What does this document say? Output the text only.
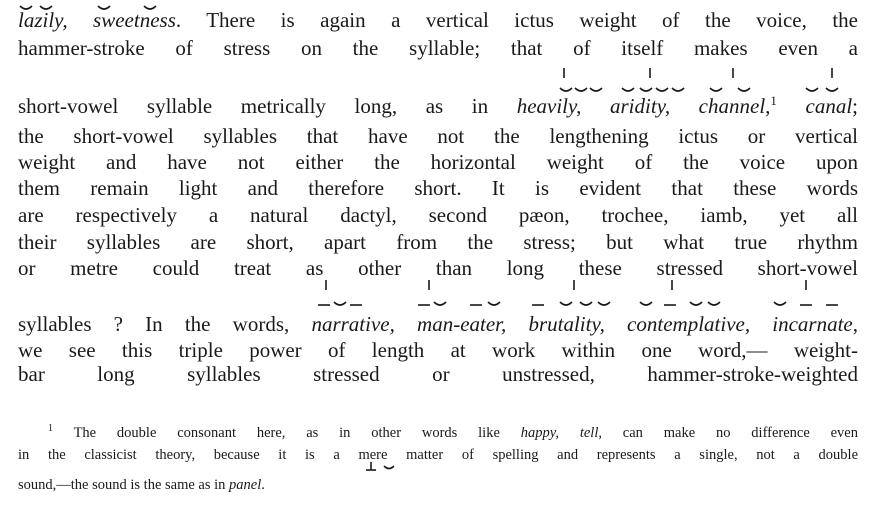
lazily, sweetness. There is again a vertical ictus weight of the voice, the
hammer-stroke of stress on the syllable; that of itself makes even a
short-vowel syllable metrically long, as in heavily, aridity, channel,$^1$ canal;
the short-vowel syllables that have not the lengthening ictus or vertical
weight and have not either the horizontal weight of the voice upon
them remain light and therefore short. It is evident that these words
are respectively a natural dactyl, second pæon, trochee, iamb, yet all
their syllables are short, apart from the stress; but what true rhythm
or metre could treat as other than long these stressed short-vowel
syllables ? In the words, narrative, man-eater, brutality, contemplative, incarnate,
we see this triple power of length at work within one word,— weight-
bar long syllables stressed or unstressed, hammer-stroke-weighted
$^1$ The double consonant here, as in other words like happy, tell, can make no difference even
in the classicist theory, because it is a mere matter of spelling and represents a single, not a double
sound,—the sound is the same as in panel.
